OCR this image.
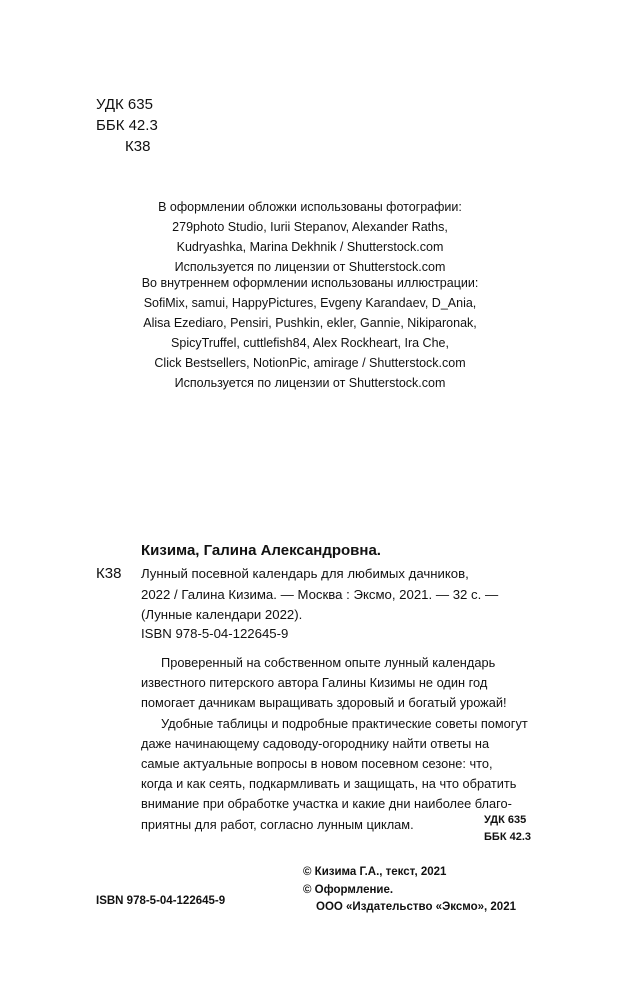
УДК 635
ББК 42.3
К38
В оформлении обложки использованы фотографии:
279photo Studio, Iurii Stepanov, Alexander Raths,
Kudryashka, Marina Dekhnik / Shutterstock.com
Используется по лицензии от Shutterstock.com
Во внутреннем оформлении использованы иллюстрации:
SofiMix, samui, HappyPictures, Evgeny Karandaev, D_Ania,
Alisa Ezediaro, Pensiri, Pushkin, ekler, Gannie, Nikiparonak,
SpicyTruffel, cuttlefish84, Alex Rockheart, Ira Che,
Click Bestsellers, NotionPic, amirage / Shutterstock.com
Используется по лицензии от Shutterstock.com
Кизима, Галина Александровна.
К38 Лунный посевной календарь для любимых дачников,
2022 / Галина Кизима. — Москва : Эксмо, 2021. — 32 с. —
(Лунные календари 2022).
ISBN 978-5-04-122645-9
Проверенный на собственном опыте лунный календарь
известного питерского автора Галины Кизимы не один год
помогает дачникам выращивать здоровый и богатый урожай!
Удобные таблицы и подробные практические советы помогут
даже начинающему садоводу-огороднику найти ответы на
самые актуальные вопросы в новом посевном сезоне: что,
когда и как сеять, подкармливать и защищать, на что обратить
внимание при обработке участка и какие дни наиболее благо-
приятны для работ, согласно лунным циклам.	УДК 635
ББК 42.3
© Кизима Г.А., текст, 2021
© Оформление.
ООО «Издательство «Эксмо», 2021
ISBN 978-5-04-122645-9
